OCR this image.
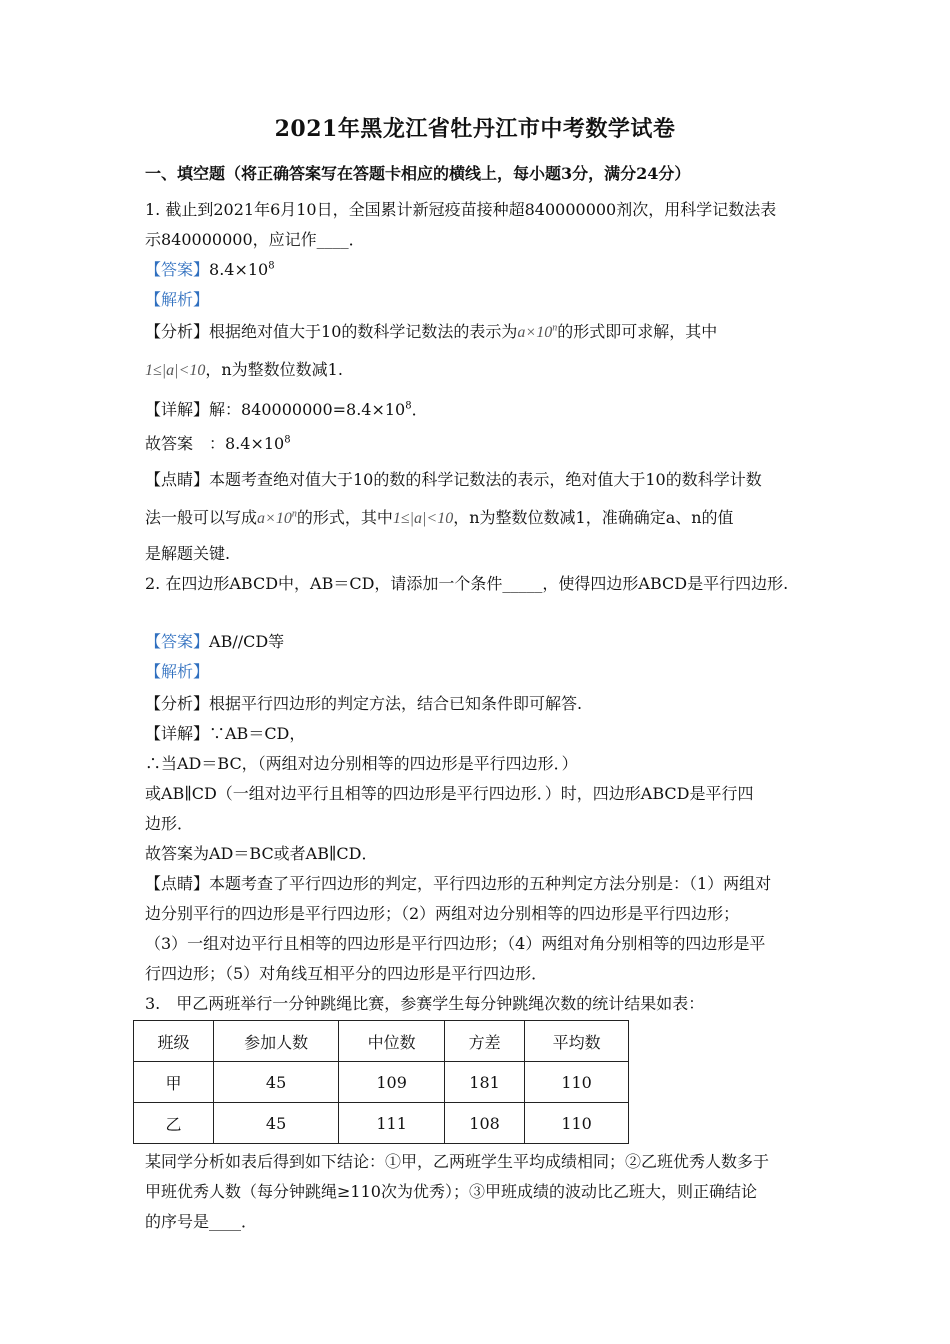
2021年黑龙江省牡丹江市中考数学试卷
一、填空题（将正确答案写在答题卡相应的横线上，每小题3分，满分24分）
1. 截止到2021年6月10日，全国累计新冠疫苗接种超840000000剂次，用科学记数法表
示840000000，应记作____．
【答案】$8.4\times 10^8$
【解析】
【分析】根据绝对值大于10的数科学记数法的表示为$a\times 10^n$的形式即可求解，其中
1≤|a|<10，n为整数位数减1.
【详解】解：$840000000=8.4\times 10^8$．
故答案　：$8.4\times 10^8$
【点睛】本题考查绝对值大于10的数的科学记数法的表示，绝对值大于10的数科学计数
法一般可以写成$a\times 10^n$的形式，其中1≤|a|<10，n为整数位数减1，准确确定a、n的值
是解题关键.
2. 在四边形ABCD中，AB＝CD，请添加一个条件_____，使得四边形ABCD是平行四边形.
【答案】AB//CD等
【解析】
【分析】根据平行四边形的判定方法，结合已知条件即可解答.
【详解】∵AB＝CD，
∴当AD＝BC，（两组对边分别相等的四边形是平行四边形．）
或AB∥CD（一组对边平行且相等的四边形是平行四边形．）时，四边形ABCD是平行四
边形．
故答案为AD＝BC或者AB∥CD．
【点睛】本题考查了平行四边形的判定，平行四边形的五种判定方法分别是：（1）两组对
边分别平行的四边形是平行四边形；（2）两组对边分别相等的四边形是平行四边形；
（3）一组对边平行且相等的四边形是平行四边形；（4）两组对角分别相等的四边形是平
行四边形；（5）对角线互相平分的四边形是平行四边形．
3.　甲乙两班举行一分钟跳绳比赛，参赛学生每分钟跳绳次数的统计结果如表：
班级	参加人数	中位数	方差	平均数
甲	45	109	181	110
乙	45	111	108	110
某同学分析如表后得到如下结论：①甲，乙两班学生平均成绩相同；②乙班优秀人数多于
甲班优秀人数（每分钟跳绳≥110次为优秀）；③甲班成绩的波动比乙班大，则正确结论
的序号是____．
